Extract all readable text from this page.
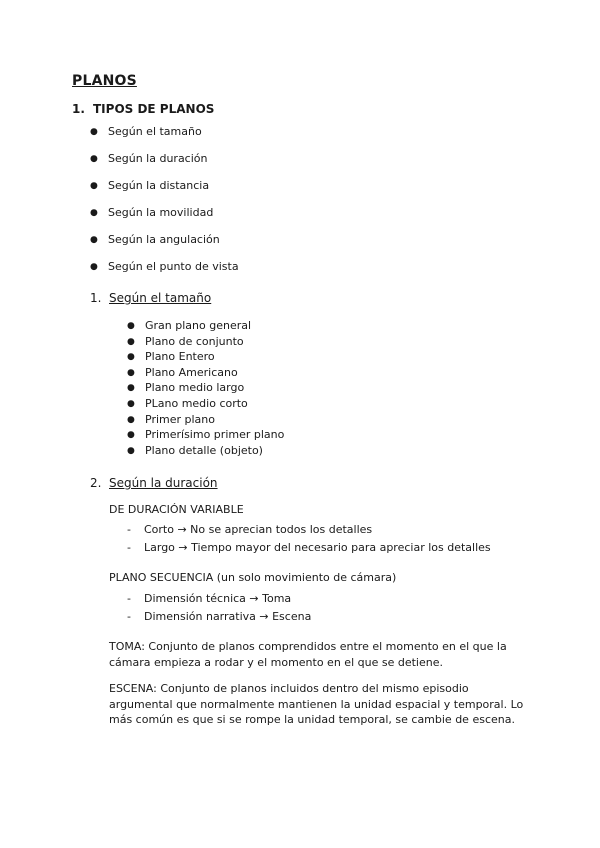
PLANOS
1. TIPOS DE PLANOS
● Según el tamaño
● Según la duración
● Según la distancia
● Según la movilidad
● Según la angulación
● Según el punto de vista
1. Según el tamaño
● Gran plano general
● Plano de conjunto
● Plano Entero
● Plano Americano
● Plano medio largo
● PLano medio corto
● Primer plano
● Primerísimo primer plano
● Plano detalle (objeto)
2. Según la duración
DE DURACIÓN VARIABLE
- Corto → No se aprecian todos los detalles
- Largo → Tiempo mayor del necesario para apreciar los detalles
PLANO SECUENCIA (un solo movimiento de cámara)
- Dimensión técnica → Toma
- Dimensión narrativa → Escena
TOMA: Conjunto de planos comprendidos entre el momento en el que la cámara empieza a rodar y el momento en el que se detiene.
ESCENA: Conjunto de planos incluidos dentro del mismo episodio argumental que normalmente mantienen la unidad espacial y temporal. Lo más común es que si se rompe la unidad temporal, se cambie de escena.
